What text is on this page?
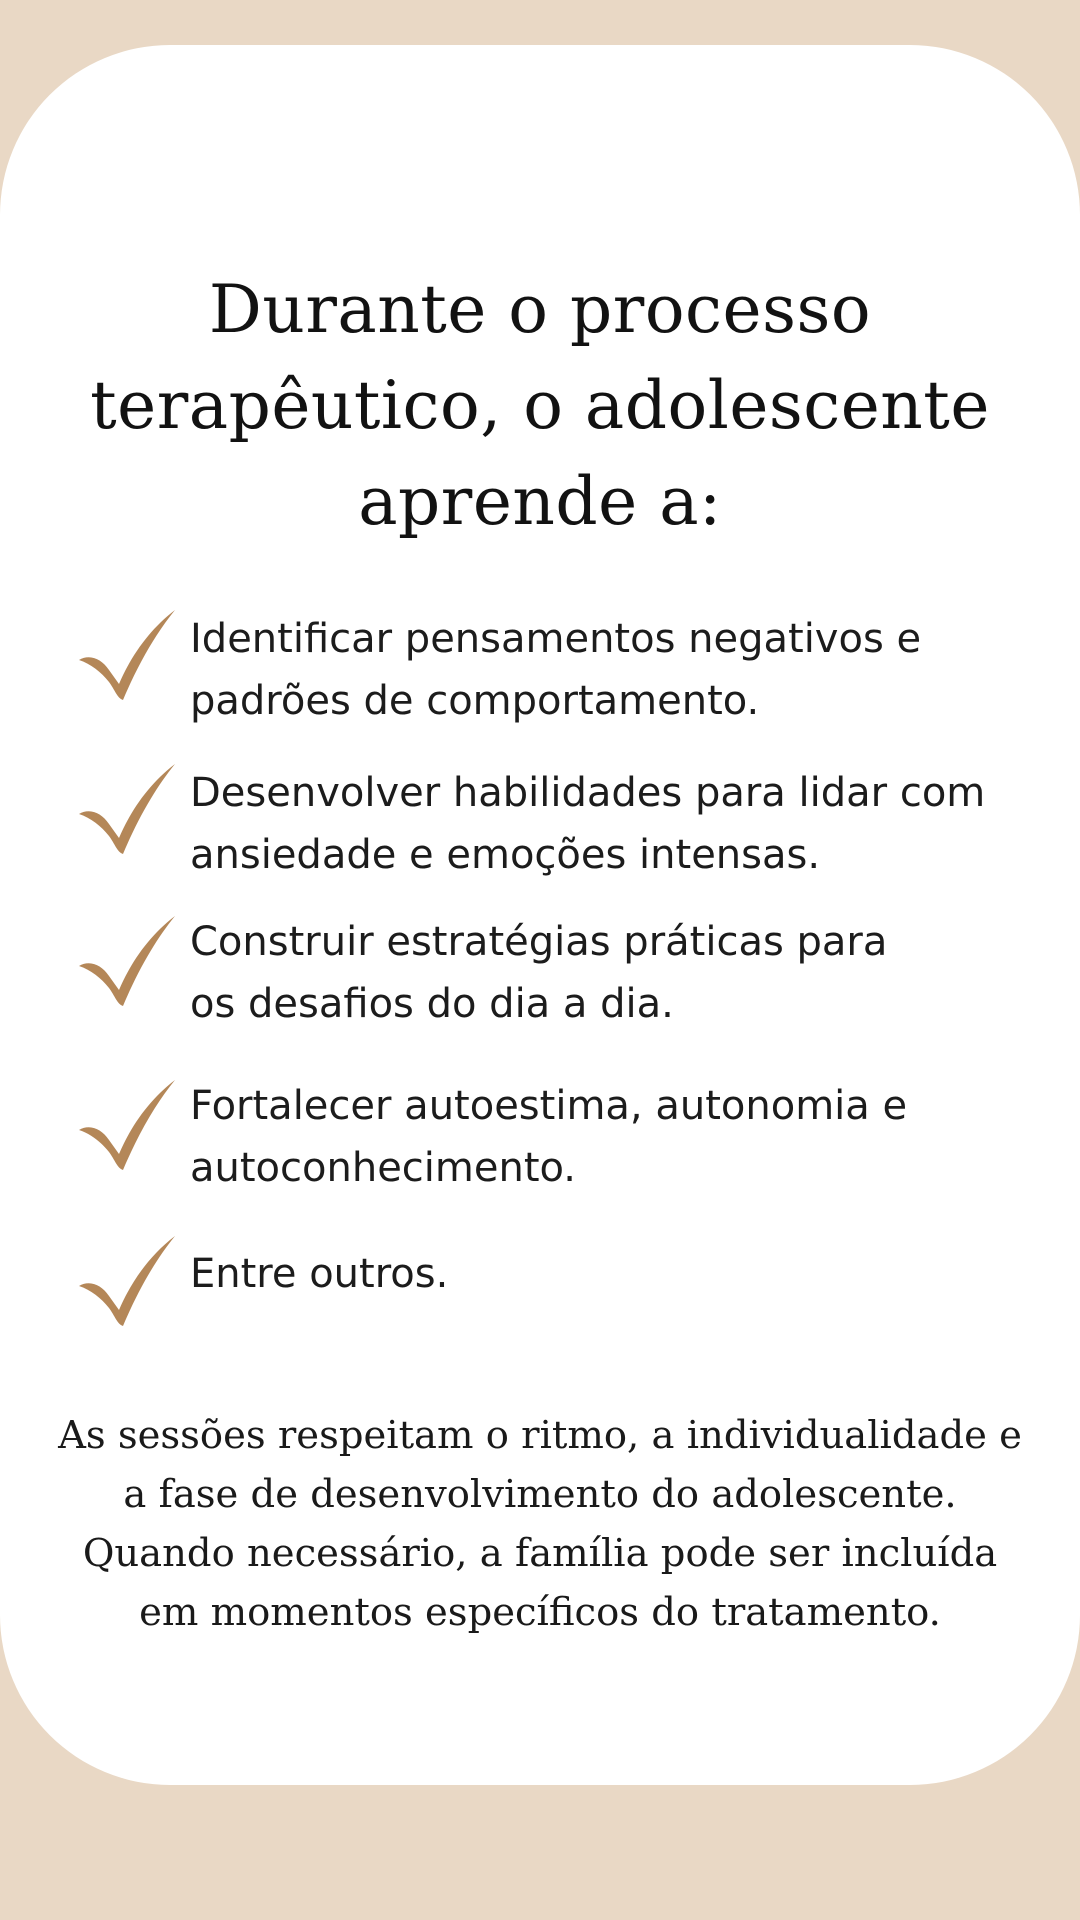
Durante o processo
terapêutico, o adolescente
aprende a:
Identificar pensamentos negativos e
padrões de comportamento.
Desenvolver habilidades para lidar com
ansiedade e emoções intensas.
Construir estratégias práticas para
os desafios do dia a dia.
Fortalecer autoestima, autonomia e
autoconhecimento.
Entre outros.

As sessões respeitam o ritmo, a individualidade e
a fase de desenvolvimento do adolescente.
Quando necessário, a família pode ser incluída
em momentos específicos do tratamento.
